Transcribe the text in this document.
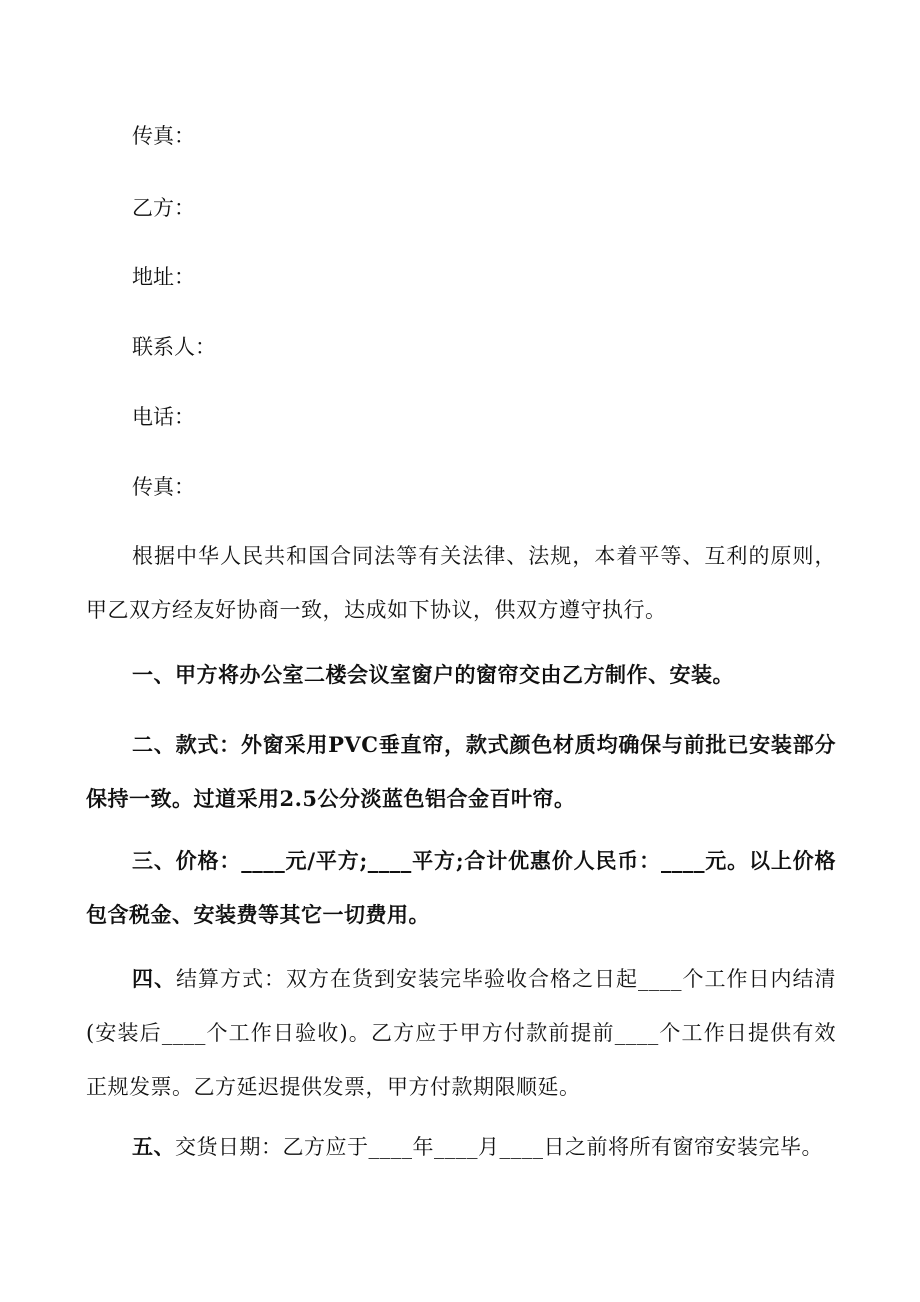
传真：
乙方：
地址：
联系人：
电话：
传真：
根据中华人民共和国合同法等有关法律、法规，本着平等、互利的原则，甲乙双方经友好协商一致，达成如下协议，供双方遵守执行。
一、甲方将办公室二楼会议室窗户的窗帘交由乙方制作、安装。
二、款式：外窗采用PVC垂直帘，款式颜色材质均确保与前批已安装部分保持一致。过道采用2.5公分淡蓝色铝合金百叶帘。
三、价格：____元/平方;____平方;合计优惠价人民币：____元。以上价格包含税金、安装费等其它一切费用。
四、结算方式：双方在货到安装完毕验收合格之日起____个工作日内结清(安装后____个工作日验收)。乙方应于甲方付款前提前____个工作日提供有效正规发票。乙方延迟提供发票，甲方付款期限顺延。
五、交货日期：乙方应于____年____月____日之前将所有窗帘安装完毕。
